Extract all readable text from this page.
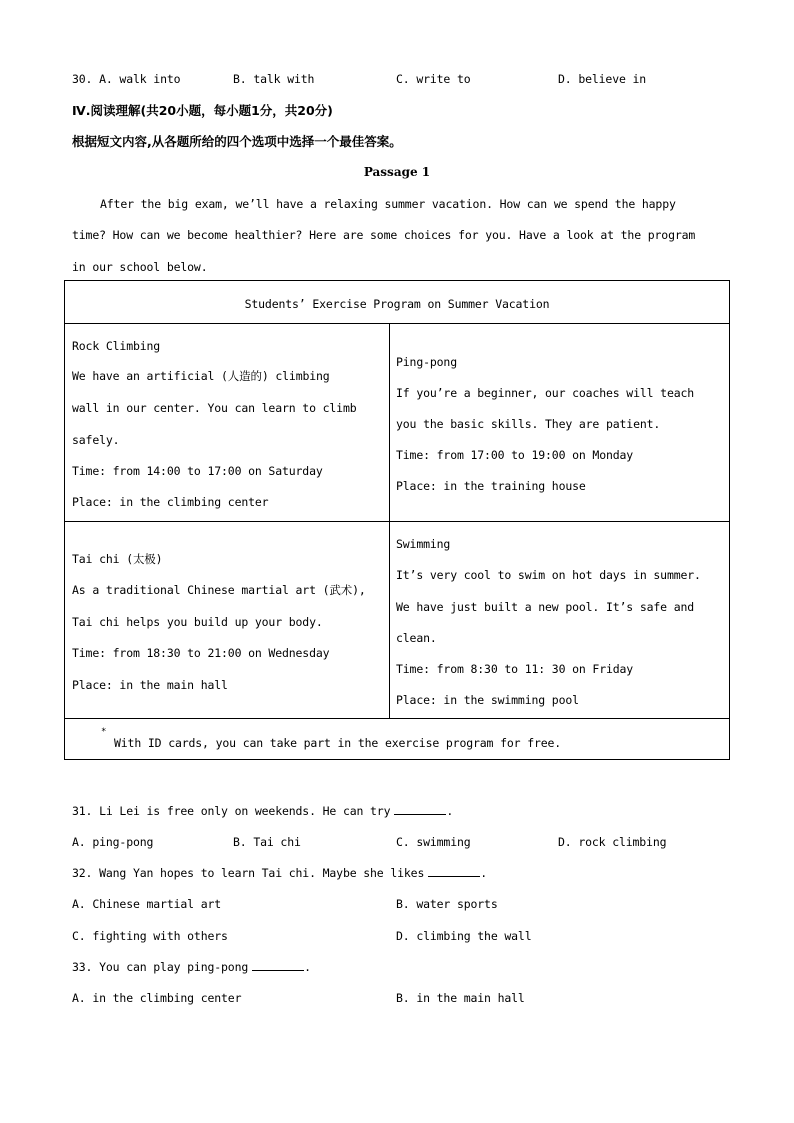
30. A. walk into	B. talk with	C. write to	D. believe in
Ⅳ.阅读理解(共20小题，每小题1分，共20分)
根据短文内容,从各题所给的四个选项中选择一个最佳答案。
Passage 1
After the big exam, we’ll have a relaxing summer vacation. How can we spend the happy
time? How can we become healthier? Here are some choices for you. Have a look at the program
in our school below.
Students’ Exercise Program on Summer Vacation
Rock Climbing
We have an artificial (人造的) climbing
wall in our center. You can learn to climb
safely.
Time: from 14:00 to 17:00 on Saturday
Place: in the climbing center
Ping-pong
If you’re a beginner, our coaches will teach
you the basic skills. They are patient.
Time: from 17:00 to 19:00 on Monday
Place: in the training house
Tai chi (太极)
As a traditional Chinese martial art (武术),
Tai chi helps you build up your body.
Time: from 18:30 to 21:00 on Wednesday
Place: in the main hall
Swimming
It’s very cool to swim on hot days in summer.
We have just built a new pool. It’s safe and
clean.
Time: from 8:30 to 11: 30 on Friday
Place: in the swimming pool
*
With ID cards, you can take part in the exercise program for free.
31. Li Lei is free only on weekends. He can try	.
A. ping-pong	B. Tai chi	C. swimming	D. rock climbing
32. Wang Yan hopes to learn Tai chi. Maybe she likes	.
A. Chinese martial art	B. water sports
C. fighting with others	D. climbing the wall
33. You can play ping-pong	.
A. in the climbing center	B. in the main hall
